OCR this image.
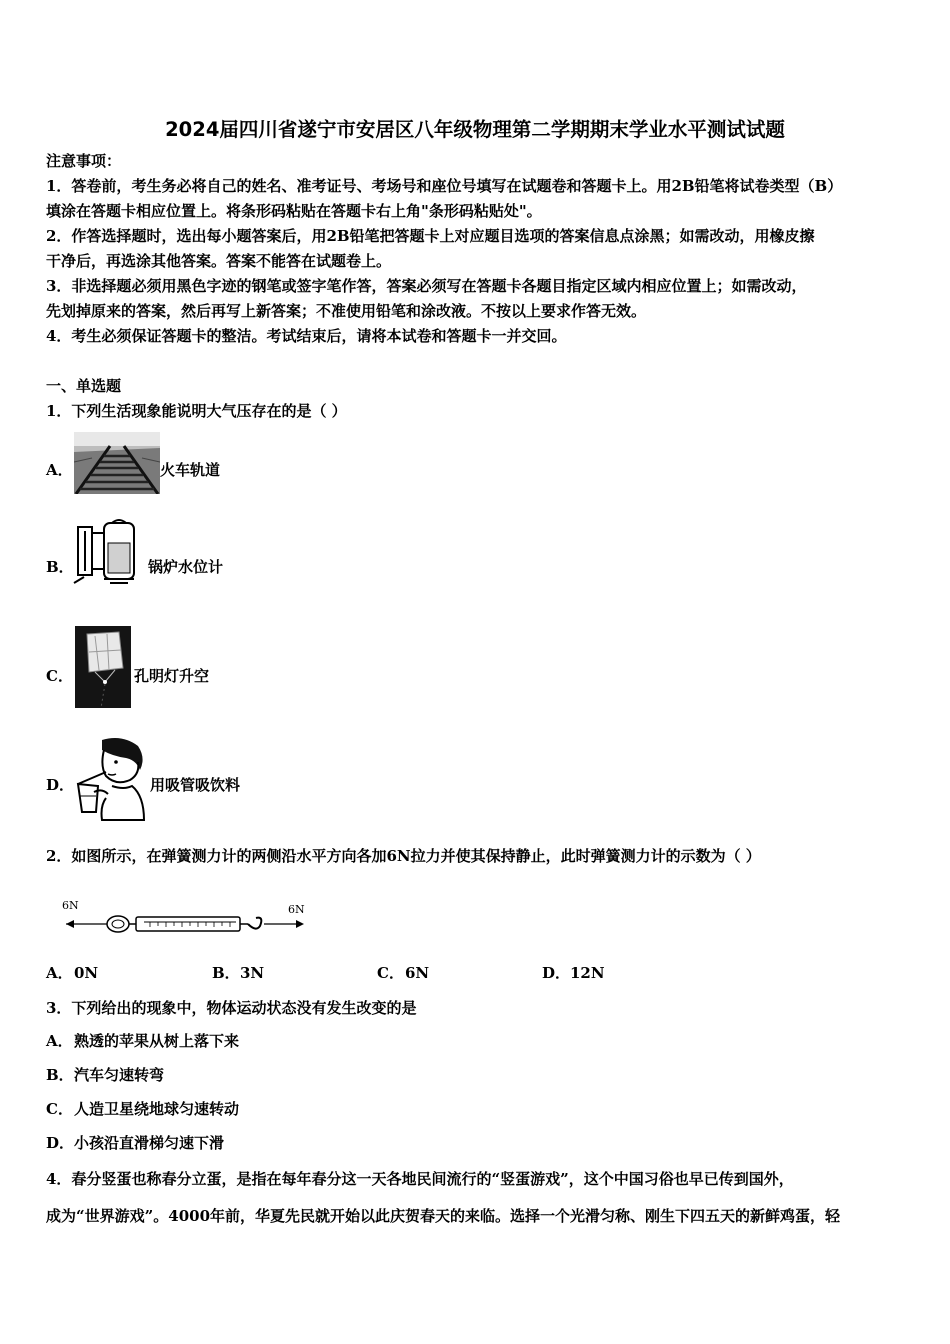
2024届四川省遂宁市安居区八年级物理第二学期期末学业水平测试试题
注意事项：
1．答卷前，考生务必将自己的姓名、准考证号、考场号和座位号填写在试题卷和答题卡上。用2B铅笔将试卷类型（B）
填涂在答题卡相应位置上。将条形码粘贴在答题卡右上角"条形码粘贴处"。
2．作答选择题时，选出每小题答案后，用2B铅笔把答题卡上对应题目选项的答案信息点涂黑；如需改动，用橡皮擦
干净后，再选涂其他答案。答案不能答在试题卷上。
3．非选择题必须用黑色字迹的钢笔或签字笔作答，答案必须写在答题卡各题目指定区域内相应位置上；如需改动，
先划掉原来的答案，然后再写上新答案；不准使用铅笔和涂改液。不按以上要求作答无效。
4．考生必须保证答题卡的整洁。考试结束后，请将本试卷和答题卡一并交回。
一、单选题
1．下列生活现象能说明大气压存在的是（ ）
A．	火车轨道
B．	锅炉水位计
C．	孔明灯升空
D．	用吸管吸饮料
2．如图所示，在弹簧测力计的两侧沿水平方向各加6N拉力并使其保持静止，此时弹簧测力计的示数为（ ）
6N	6N
A． 0N	B． 3N	C． 6N	D． 12N
3．下列给出的现象中，物体运动状态没有发生改变的是
A． 熟透的苹果从树上落下来
B． 汽车匀速转弯
C． 人造卫星绕地球匀速转动
D． 小孩沿直滑梯匀速下滑
4．春分竖蛋也称春分立蛋，是指在每年春分这一天各地民间流行的“竖蛋游戏”，这个中国习俗也早已传到国外，
成为“世界游戏”。4000年前，华夏先民就开始以此庆贺春天的来临。选择一个光滑匀称、刚生下四五天的新鲜鸡蛋，轻
